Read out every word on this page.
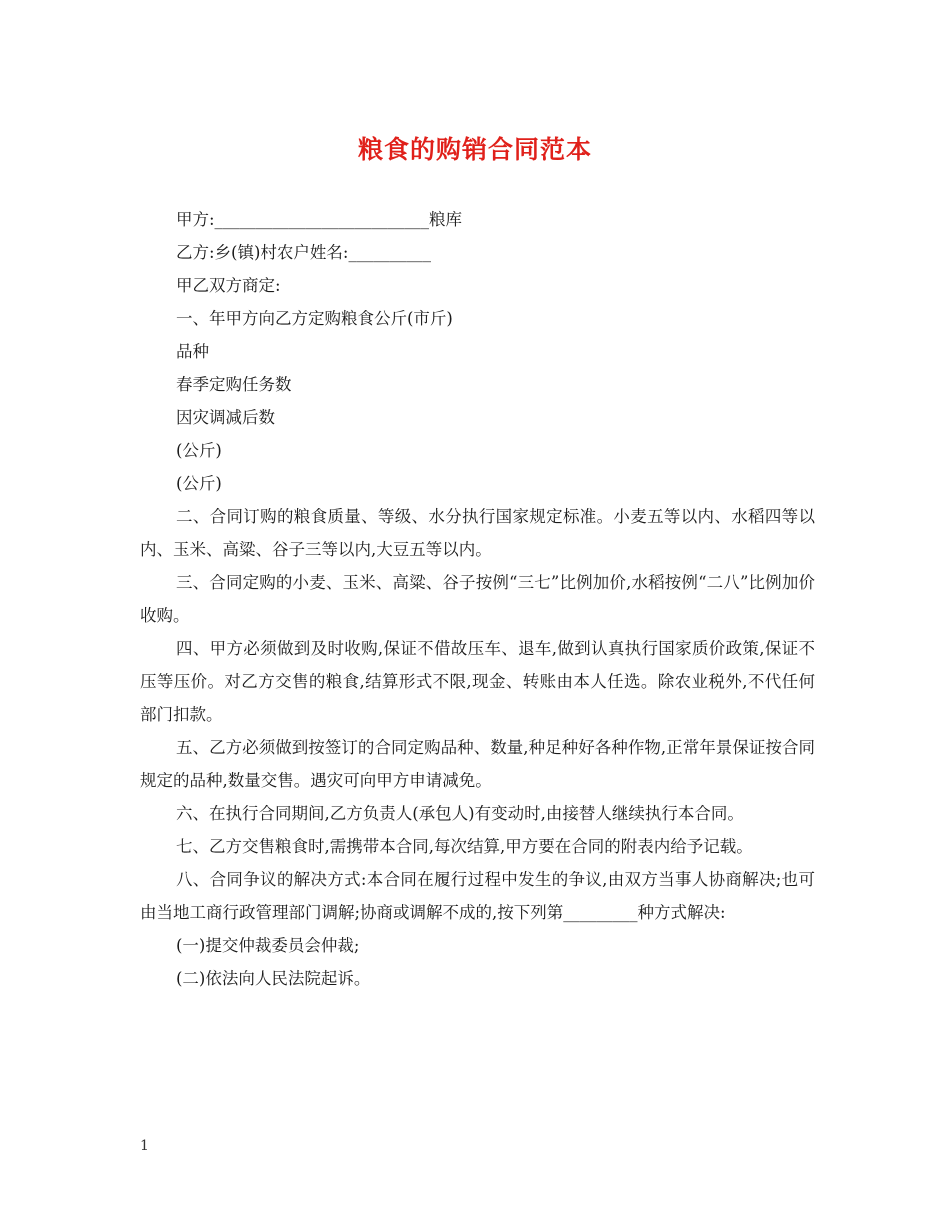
粮食的购销合同范本

甲方:__________________________粮库

乙方:乡(镇)村农户姓名:__________

甲乙双方商定:

一、年甲方向乙方定购粮食公斤(市斤)

品种

春季定购任务数

因灾调减后数

(公斤)

(公斤)

二、合同订购的粮食质量、等级、水分执行国家规定标准。小麦五等以内、水稻四等以内、玉米、高粱、谷子三等以内,大豆五等以内。

三、合同定购的小麦、玉米、高粱、谷子按例“三七”比例加价,水稻按例“二八”比例加价收购。

四、甲方必须做到及时收购,保证不借故压车、退车,做到认真执行国家质价政策,保证不压等压价。对乙方交售的粮食,结算形式不限,现金、转账由本人任选。除农业税外,不代任何部门扣款。

五、乙方必须做到按签订的合同定购品种、数量,种足种好各种作物,正常年景保证按合同规定的品种,数量交售。遇灾可向甲方申请减免。

六、在执行合同期间,乙方负责人(承包人)有变动时,由接替人继续执行本合同。

七、乙方交售粮食时,需携带本合同,每次结算,甲方要在合同的附表内给予记载。

八、合同争议的解决方式:本合同在履行过程中发生的争议,由双方当事人协商解决;也可由当地工商行政管理部门调解;协商或调解不成的,按下列第_________种方式解决:

(一)提交仲裁委员会仲裁;

(二)依法向人民法院起诉。

1
